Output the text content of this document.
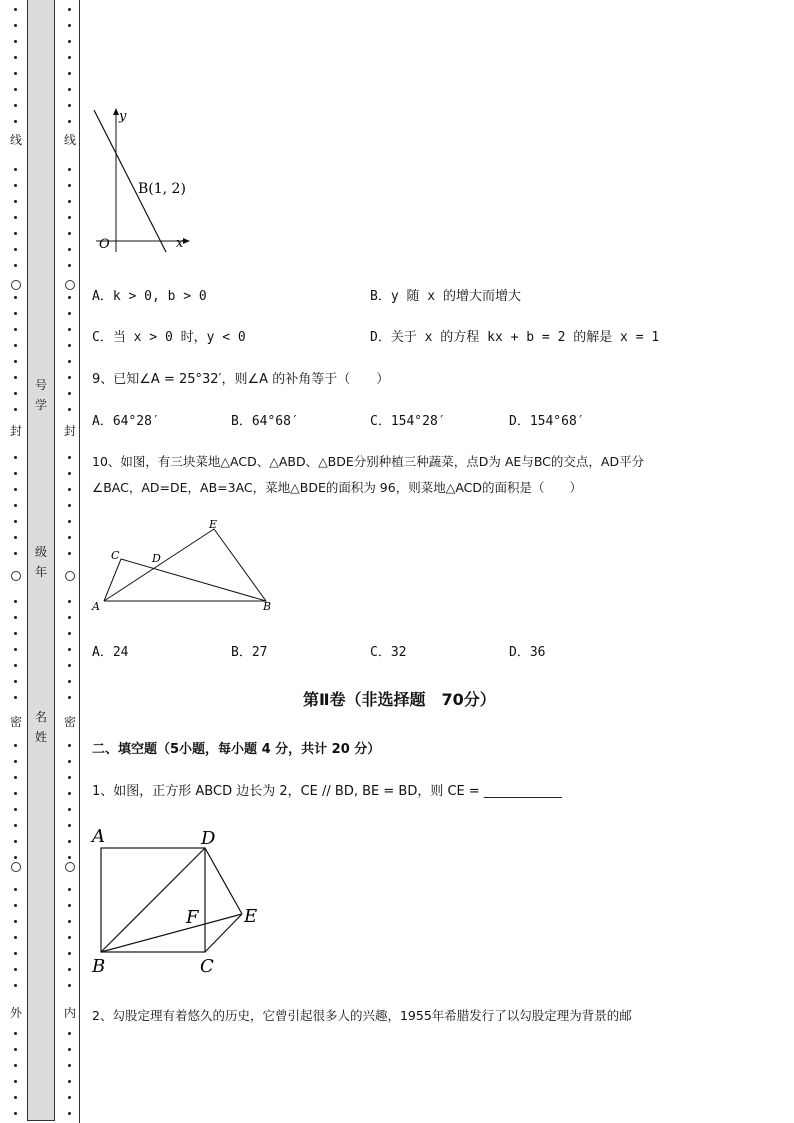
线
封
密
外
线
封
密
内
号
学
级
年
名
姓
y
x
O
B(1, 2)
A．k > 0, b > 0	B．y 随 x 的增大而增大
C．当 x > 0 时，y < 0	D．关于 x 的方程 kx + b = 2 的解是 x = 1
9、已知∠A = 25°32′，则∠A 的补角等于（　　）
A．64°28′	B．64°68′	C．154°28′	D．154°68′
10、如图，有三块菜地△ACD、△ABD、△BDE分别种植三种蔬菜，点D为 AE与BC的交点，AD平分
∠BAC，AD=DE，AB=3AC，菜地△BDE的面积为 96，则菜地△ACD的面积是（　　）
A	B
C	D
E
A．24	B．27	C．32	D．36
第Ⅱ卷（非选择题　70分）
二、填空题（5小题，每小题 4 分，共计 20 分）
1、如图，正方形 ABCD 边长为 2，CE // BD, BE = BD，则 CE = ____________
A	D
B	C
E
F
2、勾股定理有着悠久的历史，它曾引起很多人的兴趣，1955年希腊发行了以勾股定理为背景的邮
